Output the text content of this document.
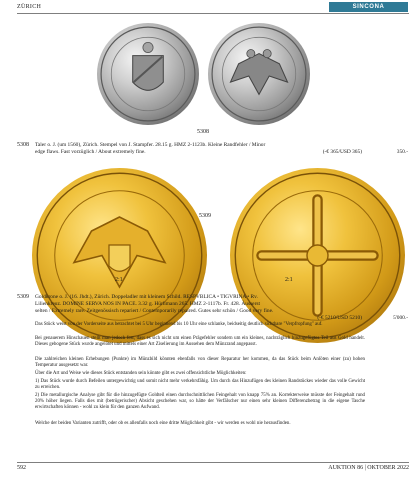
ZÜRICH	SINCONA
5308
5308 Taler o. J. (um 1560), Zürich. Stempel von J. Stampfer. 28.15 g. HMZ 2-1123b. Kleine Randfehler / Minor
edge flaws. Fast vorzüglich / About extremely fine.	(-€ 365/USD 365)	350.-
5309
2:1	2:1
5309 Goldkrone o. J. (16. Jhdt.), Zürich. Doppeladler mit kleinem Schild. RESPVBLICA • TIGVRINA • Rv.
Lilienkreuz. DOMINE SERVA NOS IN PACE. 3.32 g. Hürlimann 265. HMZ 2-1117b. Fr. 428. Äusserst
selten / Extremely rare. Zeitgenössisch repariert / Contemporarily repaired. Gutes sehr schön / Good very fine.
(-€ 5210/USD 5210)	5'000.-
Das Stück weist von der Vorderseite aus betrachtet bei 5 Uhr beginnend bis 10 Uhr eine schlanke, beidseitig deutlich sichtbare "Verpfropfung" auf.
Bei genauerem Hinschauen stellt man jedoch fest, dass es sich nicht um einen Prägefehler sondern um ein kleines, nachträglich hinzugefügtes Teil aus Gold handelt. Dieses gebogene Stück wurde angelötet und mittels einer Art Ziselierung im Aussehen dem Münzrand angepasst.
Die zahlreichen kleinen Erhebungen (Punkte) im Münzbild könnten ebenfalls von dieser Reparatur her kommen, da das Stück beim Anlöten einer (zu) hohen Temperatur ausgesetzt war.
Über die Art und Weise wie dieses Stück entstanden sein könnte gibt es zwei offensichtliche Möglichkeiten:
1) Das Stück wurde durch Befeilen untergewichtig und somit nicht mehr verkehrsfähig. Um durch das Hinzufügen des kleinen Randstückes wieder das volle Gewicht zu erreichen.
2) Die metallurgische Analyse gibt für die hinzugefügte Goldteil einen durchschnittlichen Feingehalt von knapp 75% an. Korrekterweise müsste der Feingehalt rund 20% höher liegen. Falls dies mit (betrügerischer) Absicht geschehen war, so hätte der Verfälscher nur einen sehr kleinen Differenzbetrag in die eigene Tasche erwirtschaften können - wohl zu klein für den ganzen Aufwand.
Welche der beiden Varianten zutrifft, oder ob es allenfalls noch eine dritte Möglichkeit gibt - wir werden es wohl nie herausfinden.
592	AUKTION 86 | OKTOBER 2022
